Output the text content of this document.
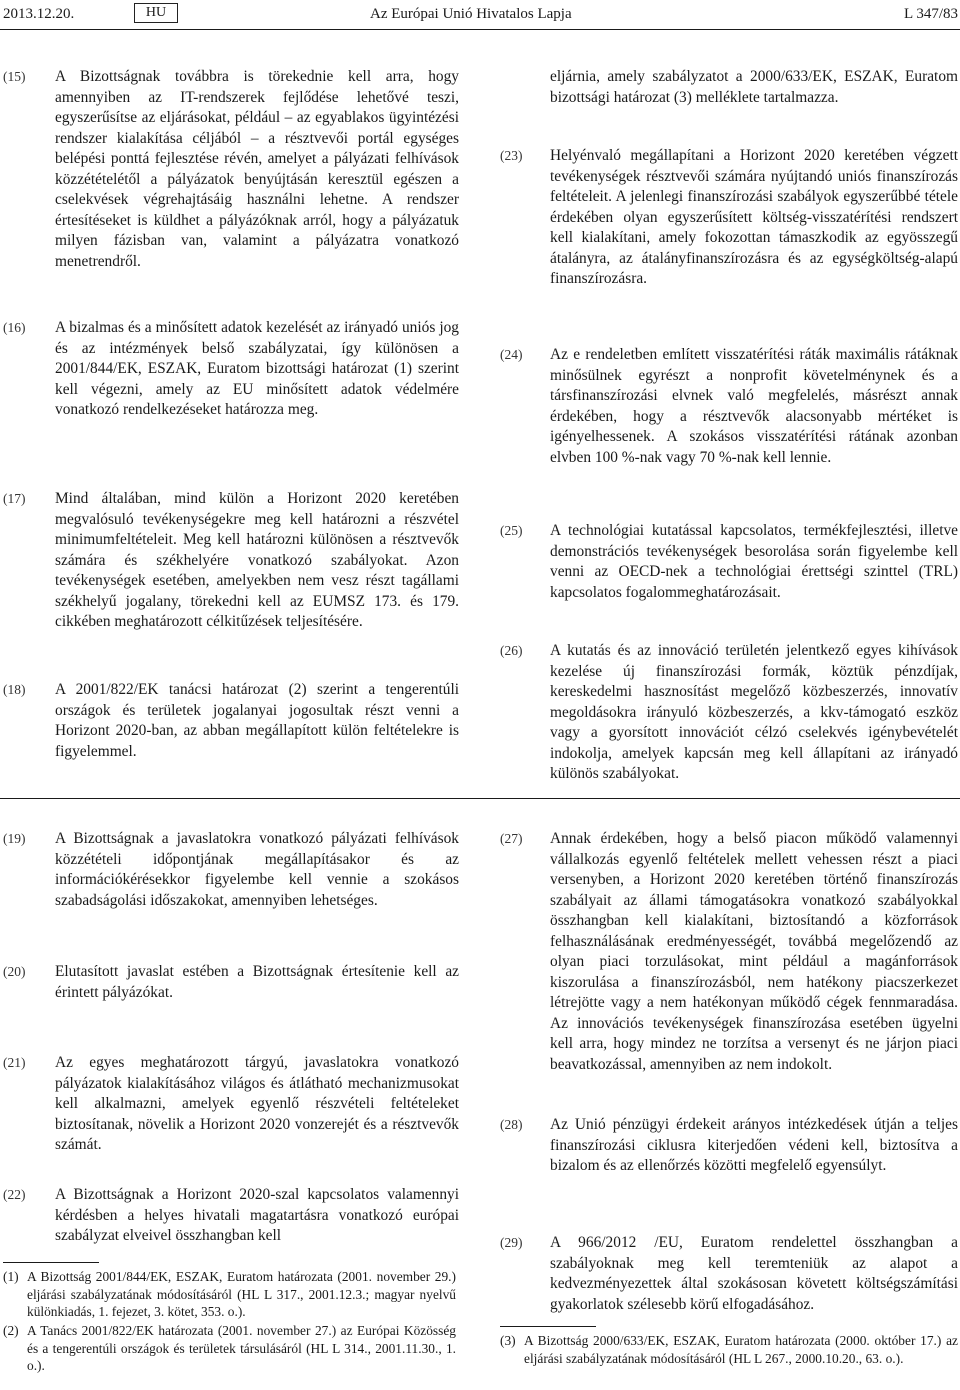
2013.12.20.	HU	Az Európai Unió Hivatalos Lapja	L 347/83
(15) A Bizottságnak továbbra is törekednie kell arra, hogy amennyiben az IT-rendszerek fejlődése lehetővé teszi, egyszerűsítse az eljárásokat, például – az egyablakos ügyintézési rendszer kialakítása céljából – a résztvevői portál egységes belépési ponttá fejlesztése révén, amelyet a pályázati felhívások közzétételétől a pályázatok benyújtásán keresztül egészen a cselekvések végrehajtásáig használni lehetne. A rendszer értesítéseket is küldhet a pályázóknak arról, hogy a pályázatuk milyen fázisban van, valamint a pályázatra vonatkozó menetrendről.
(16) A bizalmas és a minősített adatok kezelését az irányadó uniós jog és az intézmények belső szabályzatai, így különösen a 2001/844/EK, ESZAK, Euratom bizottsági határozat (1) szerint kell végezni, amely az EU minősített adatok védelmére vonatkozó rendelkezéseket határozza meg.
(17) Mind általában, mind külön a Horizont 2020 keretében megvalósuló tevékenységekre meg kell határozni a részvétel minimumfeltételeit. Meg kell határozni különösen a résztvevők számára és székhelyére vonatkozó szabályokat. Azon tevékenységek esetében, amelyekben nem vesz részt tagállami székhelyű jogalany, törekedni kell az EUMSZ 173. és 179. cikkében meghatározott célkitűzések teljesítésére.
(18) A 2001/822/EK tanácsi határozat (2) szerint a tengerentúli országok és területek jogalanyai jogosultak részt venni a Horizont 2020-ban, az abban megállapított külön feltételekre is figyelemmel.
eljárnia, amely szabályzatot a 2000/633/EK, ESZAK, Euratom bizottsági határozat (3) melléklete tartalmazza.
(23) Helyénvaló megállapítani a Horizont 2020 keretében végzett tevékenységek résztvevői számára nyújtandó uniós finanszírozás feltételeit. A jelenlegi finanszírozási szabályok egyszerűbbé tétele érdekében olyan egyszerűsített költség-visszatérítési rendszert kell kialakítani, amely fokozottan támaszkodik az egyösszegű átalányra, az átalányfinanszírozásra és az egységköltség-alapú finanszírozásra.
(24) Az e rendeletben említett visszatérítési ráták maximális rátáknak minősülnek egyrészt a nonprofit követelménynek és a társfinanszírozási elvnek való megfelelés, másrészt annak érdekében, hogy a résztvevők alacsonyabb mértéket is igényelhessenek. A szokásos visszatérítési rátának azonban elvben 100 %-nak vagy 70 %-nak kell lennie.
(25) A technológiai kutatással kapcsolatos, termékfejlesztési, illetve demonstrációs tevékenységek besorolása során figyelembe kell venni az OECD-nek a technológiai érettségi szinttel (TRL) kapcsolatos fogalommeghatározásait.
(26) A kutatás és az innováció területén jelentkező egyes kihívások kezelése új finanszírozási formák, köztük pénzdíjak, kereskedelmi hasznosítást megelőző közbeszerzés, innovatív megoldásokra irányuló közbeszerzés, a kkv-támogató eszköz vagy a gyorsított innovációt célzó cselekvés igénybevételét indokolja, amelyek kapcsán meg kell állapítani az irányadó különös szabályokat.
(19) A Bizottságnak a javaslatokra vonatkozó pályázati felhívások közzétételi időpontjának megállapításakor és az információkérésekkor figyelembe kell vennie a szokásos szabadságolási időszakokat, amennyiben lehetséges.
(20) Elutasított javaslat estében a Bizottságnak értesítenie kell az érintett pályázókat.
(21) Az egyes meghatározott tárgyú, javaslatokra vonatkozó pályázatok kialakításához világos és átlátható mechanizmusokat kell alkalmazni, amelyek egyenlő részvételi feltételeket biztosítanak, növelik a Horizont 2020 vonzerejét és a résztvevők számát.
(22) A Bizottságnak a Horizont 2020-szal kapcsolatos valamennyi kérdésben a helyes hivatali magatartásra vonatkozó európai szabályzat elveivel összhangban kell
(1) A Bizottság 2001/844/EK, ESZAK, Euratom határozata (2001. november 29.) eljárási szabályzatának módosításáról (HL L 317., 2001.12.3.; magyar nyelvű különkiadás, 1. fejezet, 3. kötet, 353. o.).
(2) A Tanács 2001/822/EK határozata (2001. november 27.) az Európai Közösség és a tengerentúli országok és területek társulásáról (HL L 314., 2001.11.30., 1. o.).
(27) Annak érdekében, hogy a belső piacon működő valamennyi vállalkozás egyenlő feltételek mellett vehessen részt a piaci versenyben, a Horizont 2020 keretében történő finanszírozás szabályait az állami támogatásokra vonatkozó szabályokkal összhangban kell kialakítani, biztosítandó a közforrások felhasználásának eredményességét, továbbá megelőzendő az olyan piaci torzulásokat, mint például a magánforrások kiszorulása a finanszírozásból, nem hatékony piacszerkezet létrejötte vagy a nem hatékonyan működő cégek fennmaradása. Az innovációs tevékenységek finanszírozása esetében ügyelni kell arra, hogy mindez ne torzítsa a versenyt és ne járjon piaci beavatkozással, amennyiben az nem indokolt.
(28) Az Unió pénzügyi érdekeit arányos intézkedések útján a teljes finanszírozási ciklusra kiterjedően védeni kell, biztosítva a bizalom és az ellenőrzés közötti megfelelő egyensúlyt.
(29) A 966/2012 /EU, Euratom rendelettel összhangban a szabályoknak meg kell teremteniük az alapot a kedvezményezettek által szokásosan követett költségszámítási gyakorlatok szélesebb körű elfogadásához.
(3) A Bizottság 2000/633/EK, ESZAK, Euratom határozata (2000. október 17.) az eljárási szabályzatának módosításáról (HL L 267., 2000.10.20., 63. o.).
